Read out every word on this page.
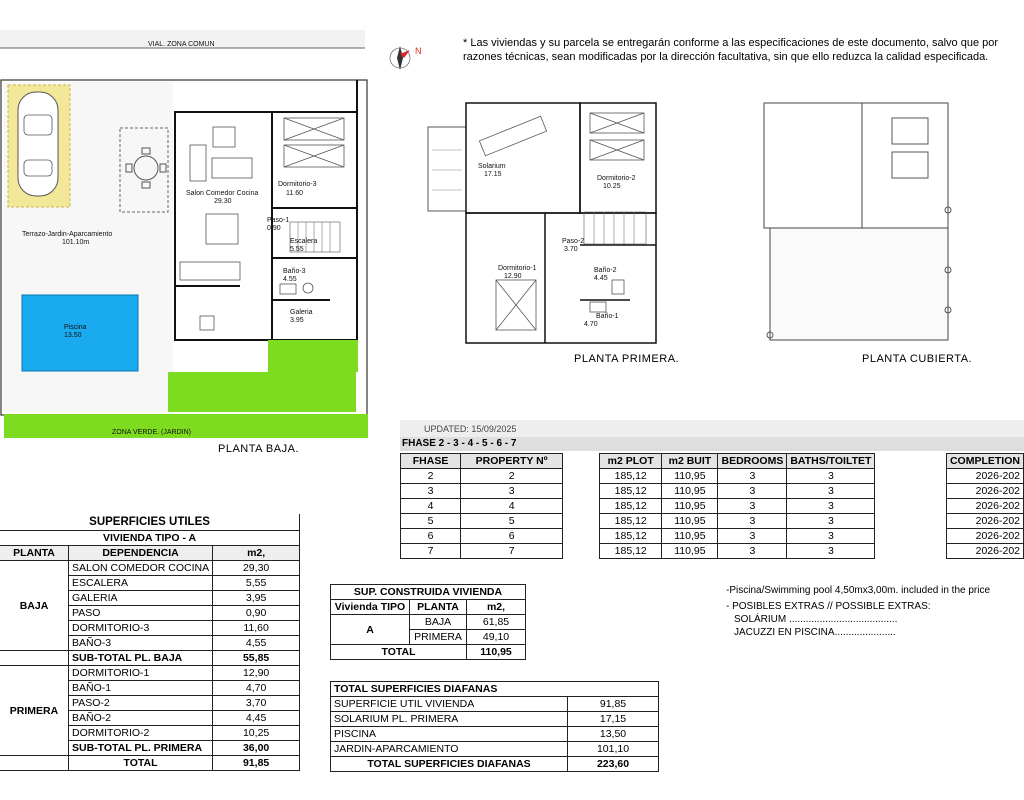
VIAL. ZONA COMUN
N
ZONA VERDE. (JARDIN)
Salon Comedor Cocina
29.30
Dormitorio-3
11.60
Paso-1
0.90
Escalera
5.55
Baño-3
4.55
Galeria
3.95
Terrazo-Jardin-Aparcamiento
101.10m
Piscina
13.50
Solarium
17.15
Dormitorio-2
10.25
Paso-2
3.70
Dormitorio-1
12.90
Baño-2
4.45
Baño-1
4.70
PLANTA PRIMERA.	PLANTA CUBIERTA.
PLANTA BAJA.
* Las viviendas y su parcela se entregarán conforme a las especificaciones de este documento, salvo que por
razones técnicas, sean modificadas por la dirección facultativa, sin que ello reduzca la calidad especificada.
UPDATED: 15/09/2025
FHASE 2 - 3 - 4 - 5 - 6 - 7
FHASE	PROPERTY Nº		m2 PLOT	m2 BUIT	BEDROOMS	BATHS/TOILTET		COMPLETION
2	2		185,12	110,95	3	3		2026-202
3	3		185,12	110,95	3	3		2026-202
4	4		185,12	110,95	3	3		2026-202
5	5		185,12	110,95	3	3		2026-202
6	6		185,12	110,95	3	3		2026-202
7	7		185,12	110,95	3	3		2026-202
-Piscina/Swimming pool 4,50mx3,00m. included in the price
- POSIBLES EXTRAS // POSSIBLE EXTRAS:
SOLÁRIUM .......................................
JACUZZI EN PISCINA......................
SUPERFICIES UTILES		
VIVIENDA TIPO - A		
PLANTA	DEPENDENCIA	m2,
BAJA	SALON COMEDOR COCINA	29,30
	ESCALERA	5,55
	GALERIA	3,95
	PASO	0,90
	DORMITORIO-3	11,60
	BAÑO-3	4,55
	SUB-TOTAL PL. BAJA	55,85
PRIMERA	DORMITORIO-1	12,90
	BAÑO-1	4,70
	PASO-2	3,70
	BAÑO-2	4,45
	DORMITORIO-2	10,25
	SUB-TOTAL PL. PRIMERA	36,00
	TOTAL	91,85
SUP. CONSTRUIDA VIVIENDA		
Vivienda TIPO	PLANTA	m2,
A	BAJA	61,85
	PRIMERA	49,10
TOTAL		110,95
TOTAL SUPERFICIES DIAFANAS	
SUPERFICIE UTIL VIVIENDA	91,85
SOLARIUM PL. PRIMERA	17,15
PISCINA	13,50
JARDIN-APARCAMIENTO	101,10
TOTAL SUPERFICIES DIAFANAS	223,60
